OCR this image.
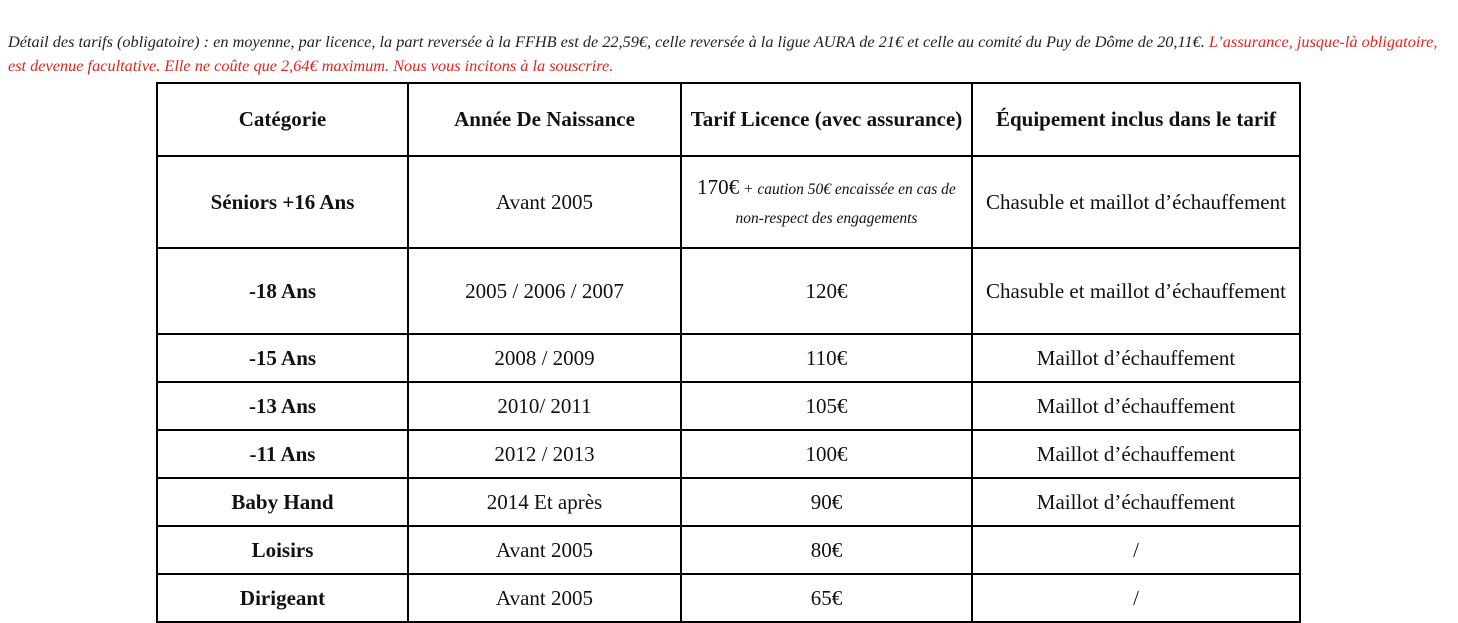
Détail des tarifs (obligatoire) : en moyenne, par licence, la part reversée à la FFHB est de 22,59€, celle reversée à la ligue AURA de 21€ et celle au comité du Puy de Dôme de 20,11€. L’assurance, jusque-là obligatoire, est devenue facultative. Elle ne coûte que 2,64€ maximum. Nous vous incitons à la souscrire.

Catégorie	Année De Naissance	Tarif Licence (avec assurance)	Équipement inclus dans le tarif
Séniors +16 Ans	Avant 2005	170€ + caution 50€ encaissée en cas de non-respect des engagements	Chasuble et maillot d’échauffement
-18 Ans	2005 / 2006 / 2007	120€	Chasuble et maillot d’échauffement
-15 Ans	2008 / 2009	110€	Maillot d’échauffement
-13 Ans	2010/ 2011	105€	Maillot d’échauffement
-11 Ans	2012 / 2013	100€	Maillot d’échauffement
Baby Hand	2014 Et après	90€	Maillot d’échauffement
Loisirs	Avant 2005	80€	/
Dirigeant	Avant 2005	65€	/
